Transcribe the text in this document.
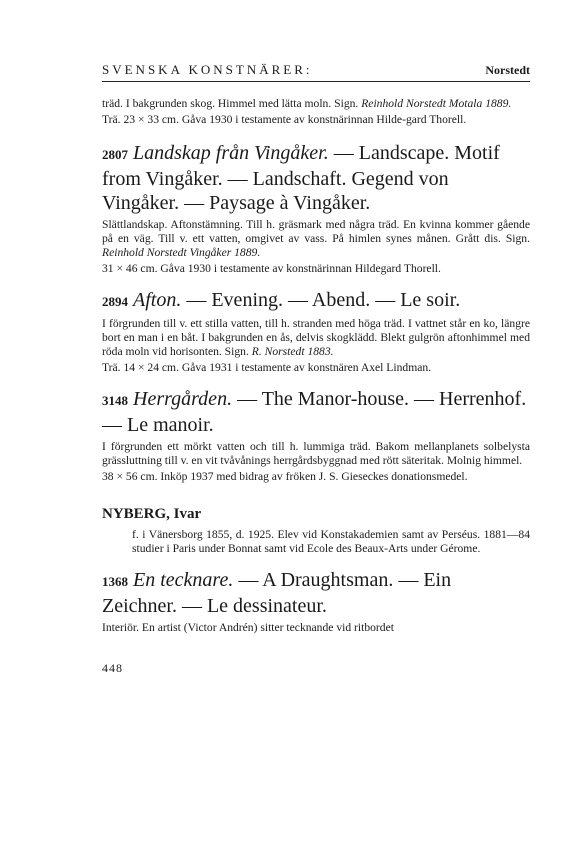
SVENSKA KONSTNÄRER:	Norstedt
träd. I bakgrunden skog. Himmel med lätta moln. Sign. Reinhold Norstedt Motala 1889.
Trä. 23 × 33 cm. Gåva 1930 i testamente av konstnärinnan Hilde-gard Thorell.
2807 Landskap från Vingåker. — Landscape. Motif from Vingåker. — Landschaft. Gegend von Vingåker. — Paysage à Vingåker.
Slättlandskap. Aftonstämning. Till h. gräsmark med några träd. En kvinna kommer gående på en väg. Till v. ett vatten, omgivet av vass. På himlen synes månen. Grått dis. Sign. Reinhold Norstedt Vingåker 1889.
31 × 46 cm. Gåva 1930 i testamente av konstnärinnan Hildegard Thorell.
2894 Afton. — Evening. — Abend. — Le soir.
I förgrunden till v. ett stilla vatten, till h. stranden med höga träd. I vattnet står en ko, längre bort en man i en båt. I bakgrunden en ås, delvis skogklädd. Blekt gulgrön aftonhimmel med röda moln vid horisonten. Sign. R. Norstedt 1883.
Trä. 14 × 24 cm. Gåva 1931 i testamente av konstnären Axel Lindman.
3148 Herrgården. — The Manor-house. — Herrenhof. — Le manoir.
I förgrunden ett mörkt vatten och till h. lummiga träd. Bakom mellanplanets solbelysta grässluttning till v. en vit tvåvånings herrgårdsbyggnad med rött säteritak. Molnig himmel.
38 × 56 cm. Inköp 1937 med bidrag av fröken J. S. Gieseckes donationsmedel.
NYBERG, Ivar
f. i Vänersborg 1855, d. 1925. Elev vid Konstakademien samt av Perséus. 1881—84 studier i Paris under Bonnat samt vid Ecole des Beaux-Arts under Gérome.
1368 En tecknare. — A Draughtsman. — Ein Zeichner. — Le dessinateur.
Interiör. En artist (Victor Andrén) sitter tecknande vid ritbordet
448
